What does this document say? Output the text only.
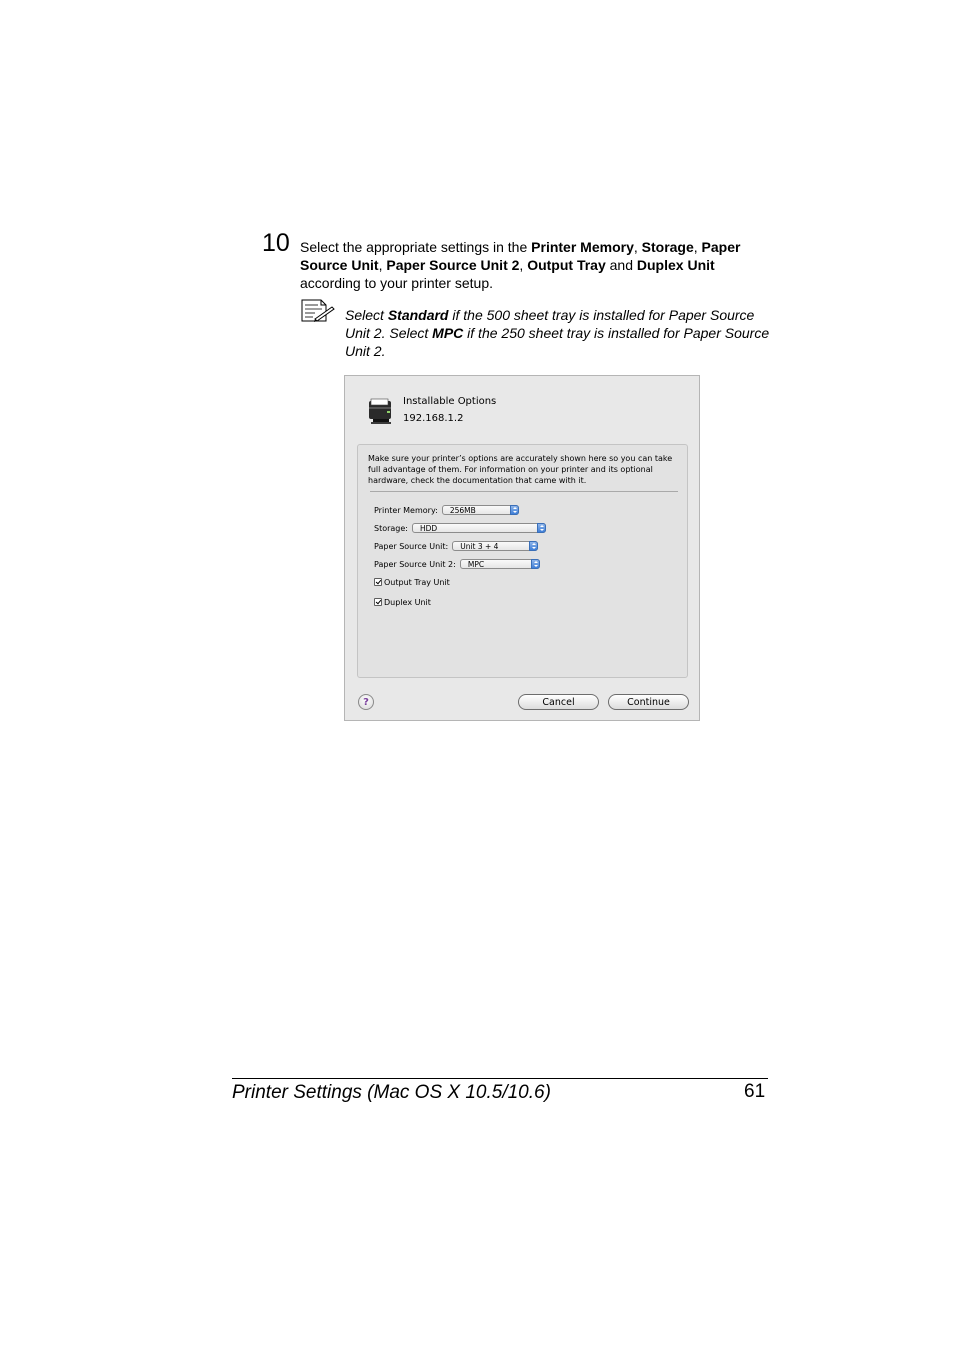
10 Select the appropriate settings in the Printer Memory, Storage, Paper Source Unit, Paper Source Unit 2, Output Tray and Duplex Unit according to your printer setup.
Select Standard if the 500 sheet tray is installed for Paper Source Unit 2. Select MPC if the 250 sheet tray is installed for Paper Source Unit 2.
Installable Options
192.168.1.2
Make sure your printer’s options are accurately shown here so you can take full advantage of them. For information on your printer and its optional hardware, check the documentation that came with it.
Printer Memory: 256MB
Storage: HDD
Paper Source Unit: Unit 3 + 4
Paper Source Unit 2: MPC
Output Tray Unit
Duplex Unit
?	Cancel	Continue
Printer Settings (Mac OS X 10.5/10.6)	61
